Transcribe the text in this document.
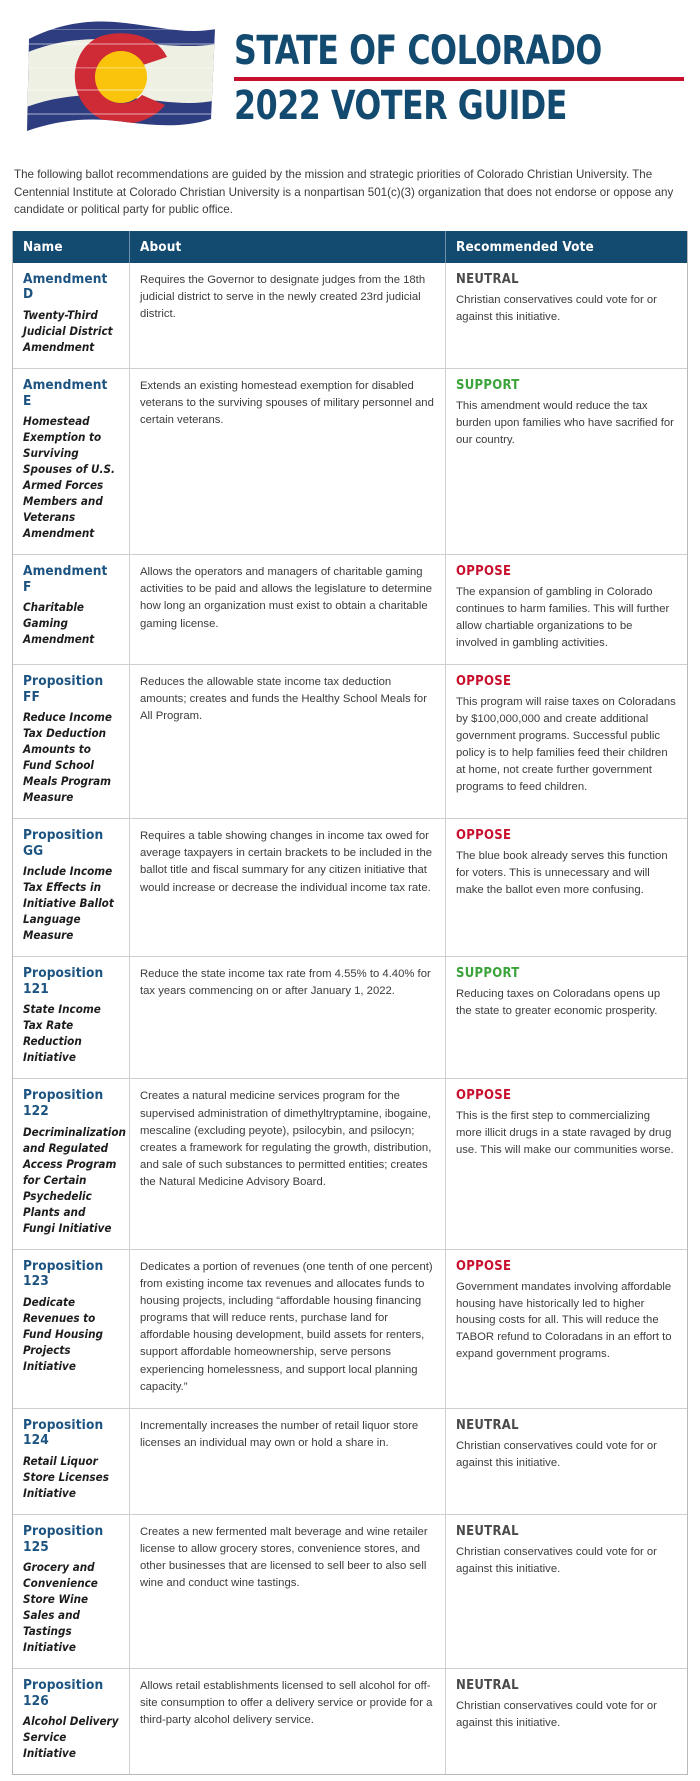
STATE OF COLORADO
2022 VOTER GUIDE

The following ballot recommendations are guided by the mission and strategic priorities of Colorado Christian University. The Centennial Institute at Colorado Christian University is a nonpartisan 501(c)(3) organization that does not endorse or oppose any candidate or political party for public office.

Name	About	Recommended Vote
Amendment D
Twenty-Third Judicial District Amendment
Requires the Governor to designate judges from the 18th judicial district to serve in the newly created 23rd judicial district.
NEUTRAL
Christian conservatives could vote for or against this initiative.
Amendment E
Homestead Exemption to Surviving Spouses of U.S. Armed Forces Members and Veterans Amendment
Extends an existing homestead exemption for disabled veterans to the surviving spouses of military personnel and certain veterans.
SUPPORT
This amendment would reduce the tax burden upon families who have sacrified for our country.
Amendment F
Charitable Gaming Amendment
Allows the operators and managers of charitable gaming activities to be paid and allows the legislature to determine how long an organization must exist to obtain a charitable gaming license.
OPPOSE
The expansion of gambling in Colorado continues to harm families. This will further allow chartiable organizations to be involved in gambling activities.
Proposition FF
Reduce Income Tax Deduction Amounts to Fund School Meals Program Measure
Reduces the allowable state income tax deduction amounts; creates and funds the Healthy School Meals for All Program.
OPPOSE
This program will raise taxes on Coloradans by $100,000,000 and create additional government programs. Successful public policy is to help families feed their children at home, not create further government programs to feed children.
Proposition GG
Include Income Tax Effects in Initiative Ballot Language Measure
Requires a table showing changes in income tax owed for average taxpayers in certain brackets to be included in the ballot title and fiscal summary for any citizen initiative that would increase or decrease the individual income tax rate.
OPPOSE
The blue book already serves this function for voters. This is unnecessary and will make the ballot even more confusing.
Proposition 121
State Income Tax Rate Reduction Initiative
Reduce the state income tax rate from 4.55% to 4.40% for tax years commencing on or after January 1, 2022.
SUPPORT
Reducing taxes on Coloradans opens up the state to greater economic prosperity.
Proposition 122
Decriminalization and Regulated Access Program for Certain Psychedelic Plants and Fungi Initiative
Creates a natural medicine services program for the supervised administration of dimethyltryptamine, ibogaine, mescaline (excluding peyote), psilocybin, and psilocyn; creates a framework for regulating the growth, distribution, and sale of such substances to permitted entities; creates the Natural Medicine Advisory Board.
OPPOSE
This is the first step to commercializing more illicit drugs in a state ravaged by drug use. This will make our communities worse.
Proposition 123
Dedicate Revenues to Fund Housing Projects Initiative
Dedicates a portion of revenues (one tenth of one percent) from existing income tax revenues and allocates funds to housing projects, including “affordable housing financing programs that will reduce rents, purchase land for affordable housing development, build assets for renters, support affordable homeownership, serve persons experiencing homelessness, and support local planning capacity.”
OPPOSE
Government mandates involving affordable housing have historically led to higher housing costs for all. This will reduce the TABOR refund to Coloradans in an effort to expand government programs.
Proposition 124
Retail Liquor Store Licenses Initiative
Incrementally increases the number of retail liquor store licenses an individual may own or hold a share in.
NEUTRAL
Christian conservatives could vote for or against this initiative.
Proposition 125
Grocery and Convenience Store Wine Sales and Tastings Initiative
Creates a new fermented malt beverage and wine retailer license to allow grocery stores, convenience stores, and other businesses that are licensed to sell beer to also sell wine and conduct wine tastings.
NEUTRAL
Christian conservatives could vote for or against this initiative.
Proposition 126
Alcohol Delivery Service Initiative
Allows retail establishments licensed to sell alcohol for off-site consumption to offer a delivery service or provide for a third-party alcohol delivery service.
NEUTRAL
Christian conservatives could vote for or against this initiative.
